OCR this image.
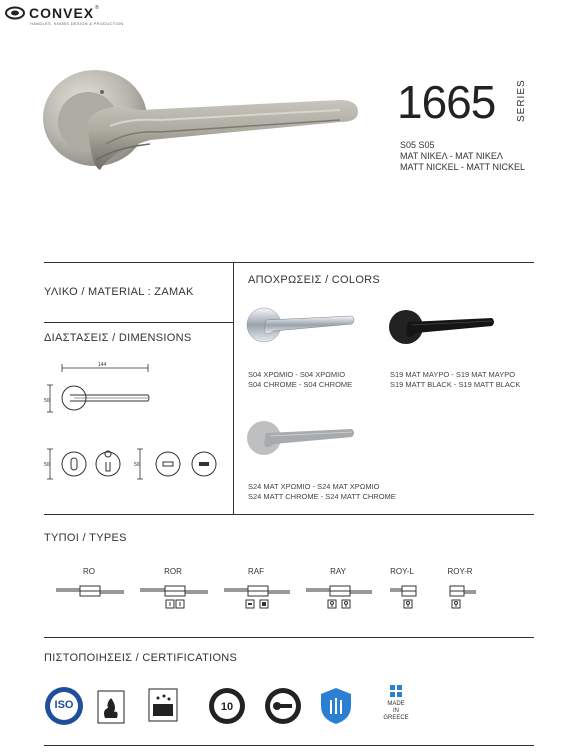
CONVEX ®
HANDLES, KNOBS DESIGN & PRODUCTION
1665 SERIES
S05 S05
ΜΑΤ ΝΙΚΕΛ - ΜΑΤ ΝΙΚΕΛ
MATT NICKEL - MATT NICKEL
ΥΛΙΚΟ / MATERIAL : ZAMAK
ΔΙΑΣΤΑΣΕΙΣ / DIMENSIONS
144
50
50	50
ΑΠΟΧΡΩΣΕΙΣ / COLORS
S04 ΧΡΩΜΙΟ - S04 ΧΡΩΜΙΟ
S04 CHROME - S04 CHROME
S19 ΜΑΤ ΜΑΥΡΟ - S19 ΜΑΤ ΜΑΥΡΟ
S19 MATT BLACK - S19 MATT BLACK
S24 ΜΑΤ ΧΡΩΜΙΟ - S24 ΜΑΤ ΧΡΩΜΙΟ
S24 MATT CHROME - S24 MATT CHROME
ΤΥΠΟΙ / TYPES
RO	ROR	RAF	RAY	ROY-L	ROY-R
ΠΙΣΤΟΠΟΙΗΣΕΙΣ / CERTIFICATIONS
ISO	10	MADE
IN
GREECE
